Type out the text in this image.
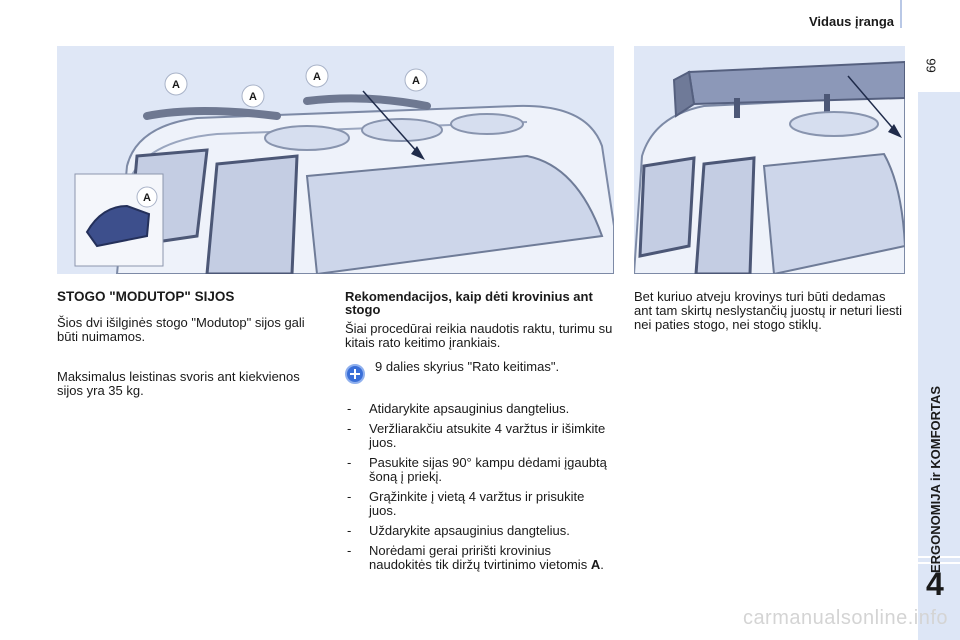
Vidaus įranga
99
ERGONOMIJA ir KOMFORTAS
4
A
A
A	A
A
STOGO "MODUTOP" SIJOS

Šios dvi išilginės stogo "Modutop" sijos gali būti nuimamos.

Maksimalus leistinas svoris ant kiekvienos sijos yra 35 kg.

Rekomendacijos, kaip dėti krovinius ant stogo

Šiai procedūrai reikia naudotis raktu, turimu su kitais rato keitimo įrankiais.

9 dalies skyrius "Rato keitimas".
- Atidarykite apsauginius dangtelius.
- Veržliarakčiu atsukite 4 varžtus ir išimkite juos.
- Pasukite sijas 90° kampu dėdami įgaubtą šoną į priekį.
- Grąžinkite į vietą 4 varžtus ir prisukite juos.
- Uždarykite apsauginius dangtelius.
- Norėdami gerai pririšti krovinius naudokitės tik diržų tvirtinimo vietomis A.

Bet kuriuo atveju krovinys turi būti dedamas ant tam skirtų neslystančių juostų ir neturi liesti nei paties stogo, nei stogo stiklų.

carmanualsonline.info
